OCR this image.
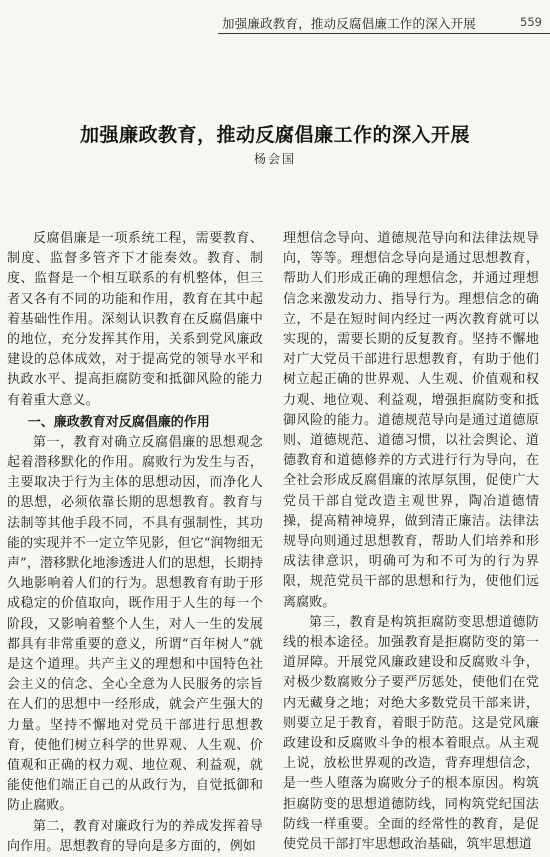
加强廉政教育，推动反腐倡廉工作的深入开展	559
加强廉政教育，推动反腐倡廉工作的深入开展
杨会国

反腐倡廉是一项系统工程，需要教育、制度、监督多管齐下才能奏效。教育、制度、监督是一个相互联系的有机整体，但三者又各有不同的功能和作用，教育在其中起着基础性作用。深刻认识教育在反腐倡廉中的地位，充分发挥其作用，关系到党风廉政建设的总体成效，对于提高党的领导水平和执政水平、提高拒腐防变和抵御风险的能力有着重大意义。

一、廉政教育对反腐倡廉的作用

第一，教育对确立反腐倡廉的思想观念起着潜移默化的作用。腐败行为发生与否，主要取决于行为主体的思想动因，而净化人的思想，必须依靠长期的思想教育。教育与法制等其他手段不同，不具有强制性，其功能的实现并不一定立竿见影，但它“润物细无声”，潜移默化地渗透进人们的思想，长期持久地影响着人们的行为。思想教育有助于形成稳定的价值取向，既作用于人生的每一个阶段，又影响着整个人生，对人一生的发展都具有非常重要的意义，所谓“百年树人”就是这个道理。共产主义的理想和中国特色社会主义的信念、全心全意为人民服务的宗旨在人们的思想中一经形成，就会产生强大的力量。坚持不懈地对党员干部进行思想教育，使他们树立科学的世界观、人生观、价值观和正确的权力观、地位观、利益观，就能使他们端正自己的从政行为，自觉抵御和防止腐败。

第二，教育对廉政行为的养成发挥着导向作用。思想教育的导向是多方面的，例如

理想信念导向、道德规范导向和法律法规导向，等等。理想信念导向是通过思想教育，帮助人们形成正确的理想信念，并通过理想信念来激发动力、指导行为。理想信念的确立，不是在短时间内经过一两次教育就可以实现的，需要长期的反复教育。坚持不懈地对广大党员干部进行思想教育，有助于他们树立起正确的世界观、人生观、价值观和权力观、地位观、利益观，增强拒腐防变和抵御风险的能力。道德规范导向是通过道德原则、道德规范、道德习惯，以社会舆论、道德教育和道德修养的方式进行行为导向，在全社会形成反腐倡廉的浓厚氛围，促使广大党员干部自觉改造主观世界，陶冶道德情操，提高精神境界，做到清正廉洁。法律法规导向则通过思想教育，帮助人们培养和形成法律意识，明确可为和不可为的行为界限，规范党员干部的思想和行为，使他们远离腐败。

第三，教育是构筑拒腐防变思想道德防线的根本途径。加强教育是拒腐防变的第一道屏障。开展党风廉政建设和反腐败斗争，对极少数腐败分子要严厉惩处，使他们在党内无藏身之地；对绝大多数党员干部来讲，则要立足于教育，着眼于防范。这是党风廉政建设和反腐败斗争的根本着眼点。从主观上说，放松世界观的改造，背弃理想信念，是一些人堕落为腐败分子的根本原因。构筑拒腐防变的思想道德防线，同构筑党纪国法防线一样重要。全面的经常性的教育，是促使党员干部打牢思想政治基础，筑牢思想道
